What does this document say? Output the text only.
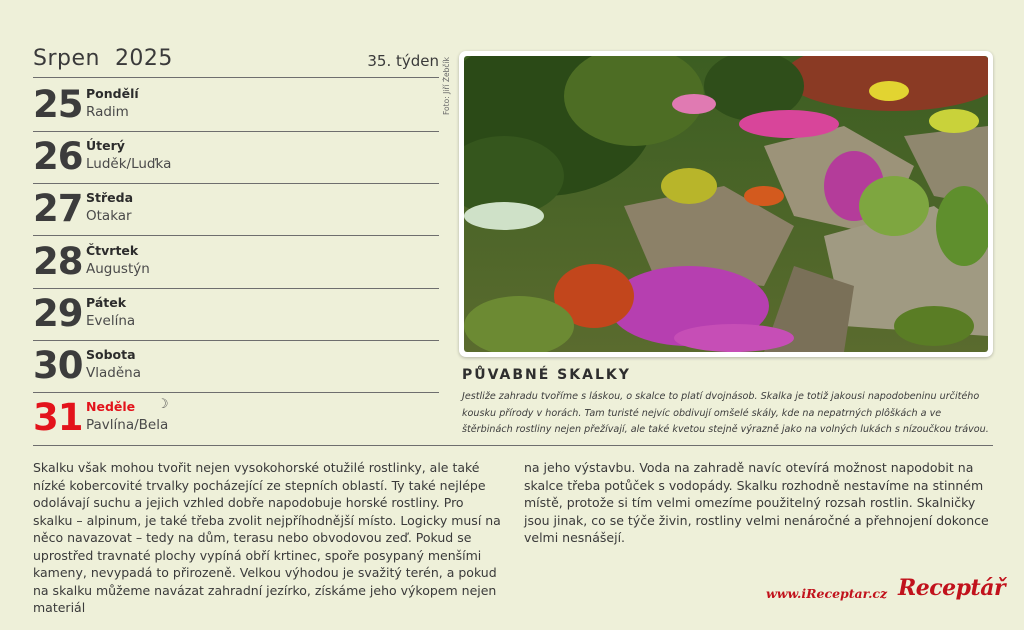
Srpen  2025	35. týden
25 Pondělí
Radim
26 Úterý
Luděk/Luďka
27 Středa
Otakar
28 Čtvrtek
Augustýn
29 Pátek
Evelína
30 Sobota
Vladěna
31 Neděle ☽
Pavlína/Bela
Foto: Jiří Žebčík
PŮVABNÉ SKALKY
Jestliže zahradu tvoříme s láskou, o skalce to platí dvojnásob. Skalka je totiž jakousi napodobeninu určitého kousku přírody v horách. Tam turisté nejvíc obdivují omšelé skály, kde na nepatrných plôškách a ve štěrbinách rostliny nejen přežívají, ale také kvetou stejně výrazně jako na volných lukách s nízoučkou trávou.
Skalku však mohou tvořit nejen vysokohorské otužilé rostlinky, ale také nízké kobercovité trvalky pocházející ze stepních oblastí. Ty také nejlépe odolávají suchu a jejich vzhled dobře napodobuje horské rostliny. Pro skalku – alpinum, je také třeba zvolit nejpříhodnější místo. Logicky musí na něco navazovat – tedy na dům, terasu nebo obvodovou zeď. Pokud se uprostřed travnaté plochy vypíná obří krtinec, spoře posypaný menšími kameny, nevypadá to přirozeně. Velkou výhodou je svažitý terén, a pokud na skalku můžeme navázat zahradní jezírko, získáme jeho výkopem nejen materiál
na jeho výstavbu. Voda na zahradě navíc otevírá možnost napodobit na skalce třeba potůček s vodopády. Skalku rozhodně nestavíme na stinném místě, protože si tím velmi omezíme použitelný rozsah rostlin. Skalničky jsou jinak, co se týče živin, rostliny velmi nenáročné a přehnojení dokonce velmi nesnášejí.
www.iReceptar.cz Receptář
